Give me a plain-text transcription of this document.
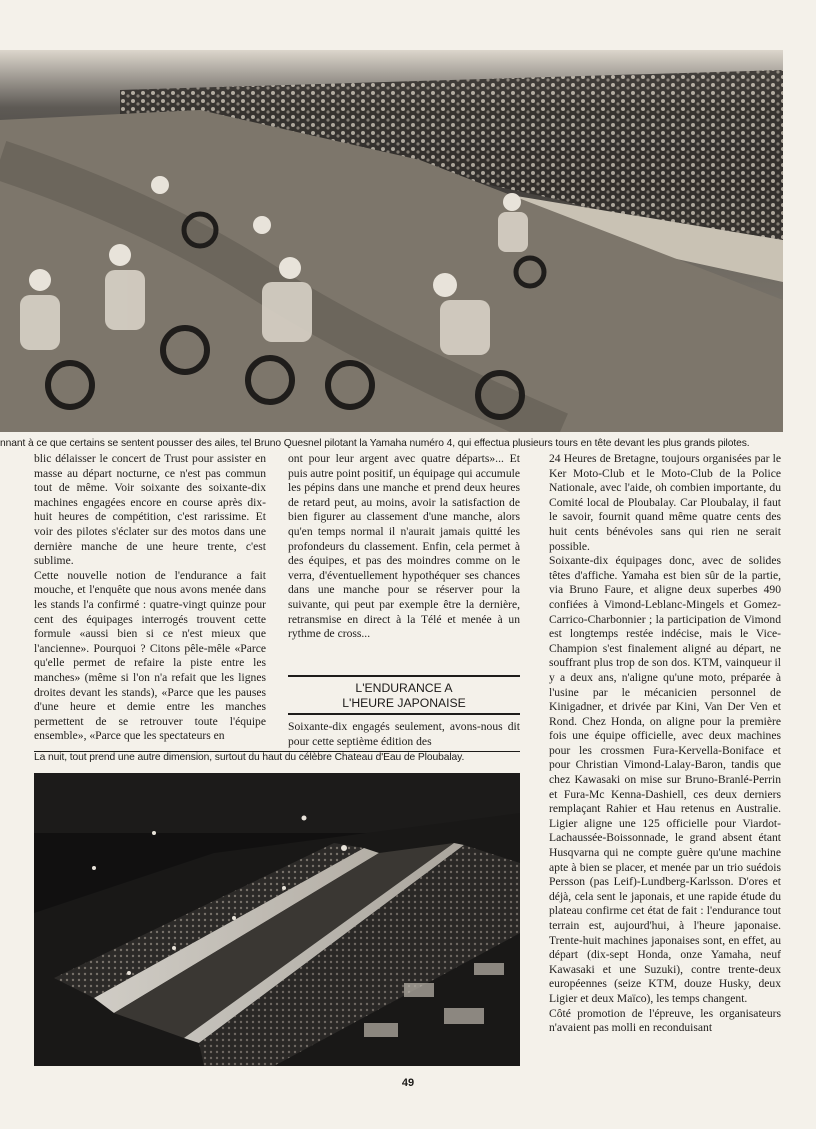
nnant à ce que certains se sentent pousser des ailes, tel Bruno Quesnel pilotant la Yamaha numéro 4, qui effectua plusieurs tours en tête devant les plus grands pilotes.

blic délaisser le concert de Trust pour assister en masse au départ nocturne, ce n'est pas commun tout de même. Voir soixante des soixante-dix machines engagées encore en course après dix-huit heures de compétition, c'est rarissime. Et voir des pilotes s'éclater sur des motos dans une dernière manche de une heure trente, c'est sublime.

Cette nouvelle notion de l'endurance a fait mouche, et l'enquête que nous avons menée dans les stands l'a confirmé : quatre-vingt quinze pour cent des équipages interrogés trouvent cette formule «aussi bien si ce n'est mieux que l'ancienne». Pourquoi ? Citons pêle-mêle «Parce qu'elle permet de refaire la piste entre les manches» (même si l'on n'a refait que les lignes droites devant les stands), «Parce que les pauses d'une heure et demie entre les manches permettent de se retrouver toute l'équipe ensemble», «Parce que les spectateurs en

ont pour leur argent avec quatre départs»... Et puis autre point positif, un équipage qui accumule les pépins dans une manche et prend deux heures de retard peut, au moins, avoir la satisfaction de bien figurer au classement d'une manche, alors qu'en temps normal il n'aurait jamais quitté les profondeurs du classement. Enfin, cela permet à des équipes, et pas des moindres comme on le verra, d'éventuellement hypothéquer ses chances dans une manche pour se réserver pour la suivante, qui peut par exemple être la dernière, retransmise en direct à la Télé et menée à un rythme de cross...

L'ENDURANCE A
L'HEURE JAPONAISE

Soixante-dix engagés seulement, avons-nous dit pour cette septième édition des

La nuit, tout prend une autre dimension, surtout du haut du célèbre Chateau d'Eau de Ploubalay.

24 Heures de Bretagne, toujours organisées par le Ker Moto-Club et le Moto-Club de la Police Nationale, avec l'aide, oh combien importante, du Comité local de Ploubalay. Car Ploubalay, il faut le savoir, fournit quand même quatre cents des huit cents bénévoles sans qui rien ne serait possible.

Soixante-dix équipages donc, avec de solides têtes d'affiche. Yamaha est bien sûr de la partie, via Bruno Faure, et aligne deux superbes 490 confiées à Vimond-Leblanc-Mingels et Gomez-Carrico-Charbonnier ; la participation de Vimond est longtemps restée indécise, mais le Vice-Champion s'est finalement aligné au départ, ne souffrant plus trop de son dos. KTM, vainqueur il y a deux ans, n'aligne qu'une moto, préparée à l'usine par le mécanicien personnel de Kinigadner, et drivée par Kini, Van Der Ven et Rond. Chez Honda, on aligne pour la première fois une équipe officielle, avec deux machines pour les crossmen Fura-Kervella-Boniface et pour Christian Vimond-Lalay-Baron, tandis que chez Kawasaki on mise sur Bruno-Branlé-Perrin et Fura-Mc Kenna-Dashiell, ces deux derniers remplaçant Rahier et Hau retenus en Australie. Ligier aligne une 125 officielle pour Viardot-Lachaussée-Boissonnade, le grand absent étant Husqvarna qui ne compte guère qu'une machine apte à bien se placer, et menée par un trio suédois Persson (pas Leif)-Lundberg-Karlsson. D'ores et déjà, cela sent le japonais, et une rapide étude du plateau confirme cet état de fait : l'endurance tout terrain est, aujourd'hui, à l'heure japonaise. Trente-huit machines japonaises sont, en effet, au départ (dix-sept Honda, onze Yamaha, neuf Kawasaki et une Suzuki), contre trente-deux européennes (seize KTM, douze Husky, deux Ligier et deux Maïco), les temps changent.

Côté promotion de l'épreuve, les organisateurs n'avaient pas molli en reconduisant

49
